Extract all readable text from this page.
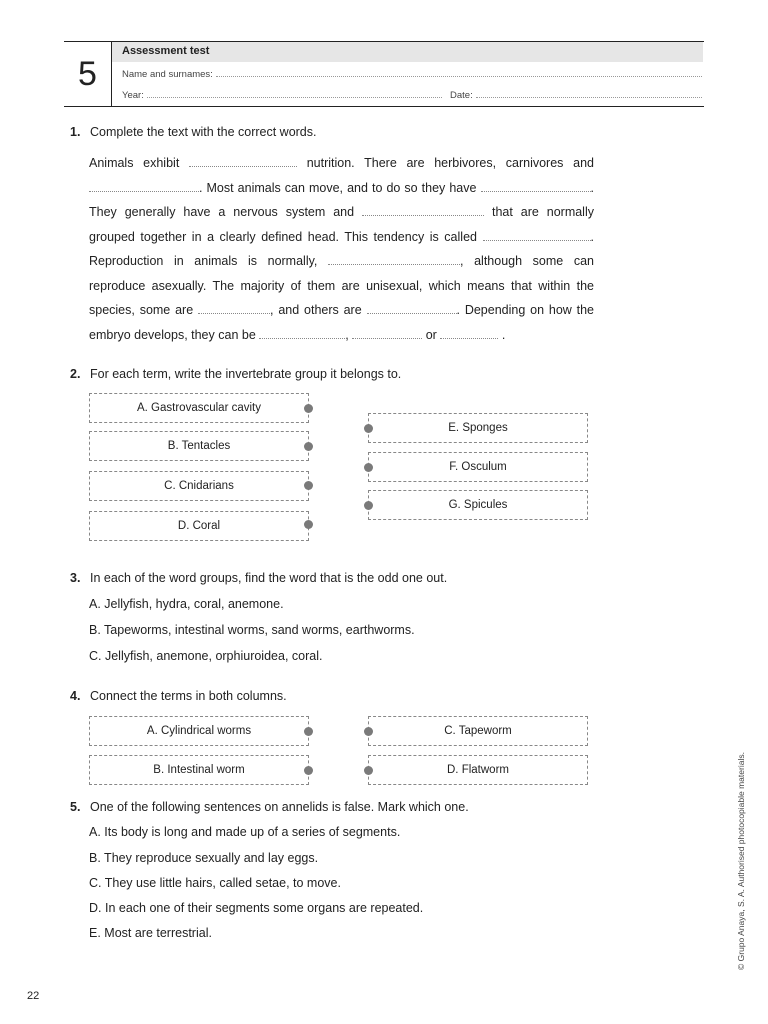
5
Assessment test
Name and surnames:
Year:	Date:
1. Complete the text with the correct words.
Animals exhibit	nutrition. There are herbivores, carnivores and . Most animals can move, and to do so they have	. They generally have a nervous system and	that are normally grouped together in a clearly defined head. This tendency is called	. Reproduction in animals is normally,	, although some can reproduce asexually. The majority of them are unisexual, which means that within the species, some are	, and others are	. Depending on how the embryo develops, they can be	,	or	.
2. For each term, write the invertebrate group it belongs to.
A. Gastrovascular cavity
B. Tentacles
C. Cnidarians
D. Coral
E. Sponges
F. Osculum
G. Spicules
3. In each of the word groups, find the word that is the odd one out.
A. Jellyfish, hydra, coral, anemone.
B. Tapeworms, intestinal worms, sand worms, earthworms.
C. Jellyfish, anemone, orphiuroidea, coral.
4. Connect the terms in both columns.
A. Cylindrical worms
B. Intestinal worm
C. Tapeworm
D. Flatworm
5. One of the following sentences on annelids is false. Mark which one.
A. Its body is long and made up of a series of segments.
B. They reproduce sexually and lay eggs.
C. They use little hairs, called setae, to move.
D. In each one of their segments some organs are repeated.
E. Most are terrestrial.	© Grupo Anaya, S. A. Authorised photocopiable materials.
22
